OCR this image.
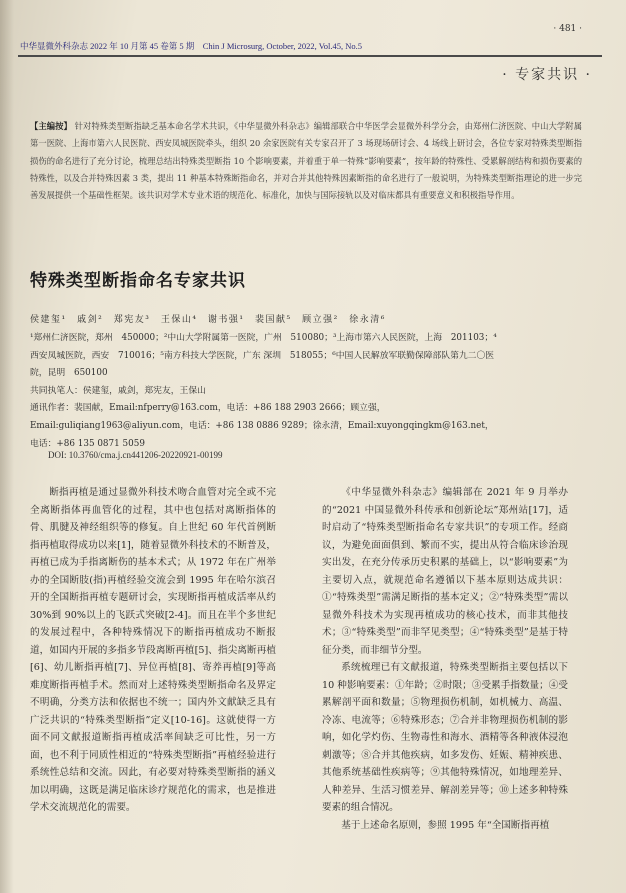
· 481 ·
中华显微外科杂志 2022 年 10 月第 45 卷第 5 期　Chin J Microsurg, October, 2022, Vol.45, No.5
· 专家共识 ·
【主编按】 针对特殊类型断指缺乏基本命名学术共识，《中华显微外科杂志》编辑部联合中华医学会显微外科学分会，由郑州仁济医院、中山大学附属第一医院、上海市第六人民医院、西安凤城医院牵头，组织 20 余家医院有关专家召开了 3 场现场研讨会、4 场线上研讨会，各位专家对特殊类型断指损伤的命名进行了充分讨论，梳理总结出特殊类型断指 10 个影响要素，并着重于单一特殊“影响要素”，按年龄的特殊性、受累解剖结构和损伤要素的特殊性，以及合并特殊因素 3 类，提出 11 种基本特殊断指命名，并对合并其他特殊因素断指的命名进行了一般说明，为特殊类型断指理论的进一步完善发展提供一个基础性框架。该共识对学术专业术语的规范化、标准化，加快与国际接轨以及对临床都具有重要意义和积极指导作用。
特殊类型断指命名专家共识
侯建玺¹　戚剑²　郑宪友³　王保山⁴　谢书强¹　裴国献⁵　顾立强²　徐永清⁶
¹郑州仁济医院，郑州　450000；²中山大学附属第一医院，广州　510080；³上海市第六人民医院，上海　201103；⁴西安凤城医院，西安　710016；⁵南方科技大学医院，广东 深圳　518055；⁶中国人民解放军联勤保障部队第九二〇医院，昆明　650100
共同执笔人：侯建玺，戚剑，郑宪友，王保山
通讯作者：裴国献，Email:nfperry@163.com，电话：+86 188 2903 2666；顾立强，Email:guliqiang1963@aliyun.com，电话：+86 138 0886 9289；徐永清，Email:xuyongqingkm@163.net，电话：+86 135 0871 5059
DOI: 10.3760/cma.j.cn441206-20220921-00199

断指再植是通过显微外科技术吻合血管对完全或不完全离断指体再血管化的过程，其中也包括对离断指体的骨、肌腱及神经组织等的修复。自上世纪 60 年代首例断指再植取得成功以来[1]，随着显微外科技术的不断普及，再植已成为手指离断伤的基本术式；从 1972 年在广州举办的全国断肢(指)再植经验交流会到 1995 年在哈尔滨召开的全国断指再植专题研讨会，实现断指再植成活率从约 30%到 90%以上的飞跃式突破[2-4]。而且在半个多世纪的发展过程中，各种特殊情况下的断指再植成功不断报道，如国内开展的多指多节段离断再植[5]、指尖离断再植[6]、幼儿断指再植[7]、异位再植[8]、寄养再植[9]等高难度断指再植手术。然而对上述特殊类型断指命名及界定不明确，分类方法和依据也不统一；国内外文献缺乏具有广泛共识的“特殊类型断指”定义[10-16]。这就使得一方面不同文献报道断指再植成活率间缺乏可比性，另一方面，也不利于同质性相近的“特殊类型断指”再植经验进行系统性总结和交流。因此，有必要对特殊类型断指的涵义加以明确，这既是满足临床诊疗规范化的需求，也是推进学术交流规范化的需要。

《中华显微外科杂志》编辑部在 2021 年 9 月举办的“2021 中国显微外科传承和创新论坛”郑州站[17]，适时启动了“特殊类型断指命名专家共识”的专项工作。经商议，为避免面面俱到、繁而不实，提出从符合临床诊治现实出发，在充分传承历史积累的基础上，以“影响要素”为主要切入点，就规范命名遵循以下基本原则达成共识：①“特殊类型”需满足断指的基本定义；②“特殊类型”需以显微外科技术为实现再植成功的核心技术，而非其他技术；③“特殊类型”而非罕见类型；④“特殊类型”是基于特征分类，而非细节分型。

系统梳理已有文献报道，特殊类型断指主要包括以下 10 种影响要素：①年龄；②时限；③受累手指数量；④受累解剖平面和数量；⑤物理损伤机制，如机械力、高温、冷冻、电流等；⑥特殊形态；⑦合并非物理损伤机制的影响，如化学灼伤、生物毒性和海水、酒精等各种液体浸泡刺激等；⑧合并其他疾病，如多发伤、妊娠、精神疾患、其他系统基础性疾病等；⑨其他特殊情况，如地理差异、人种差异、生活习惯差异、解剖差异等；⑩上述多种特殊要素的组合情况。

基于上述命名原则，参照 1995 年“全国断指再植
